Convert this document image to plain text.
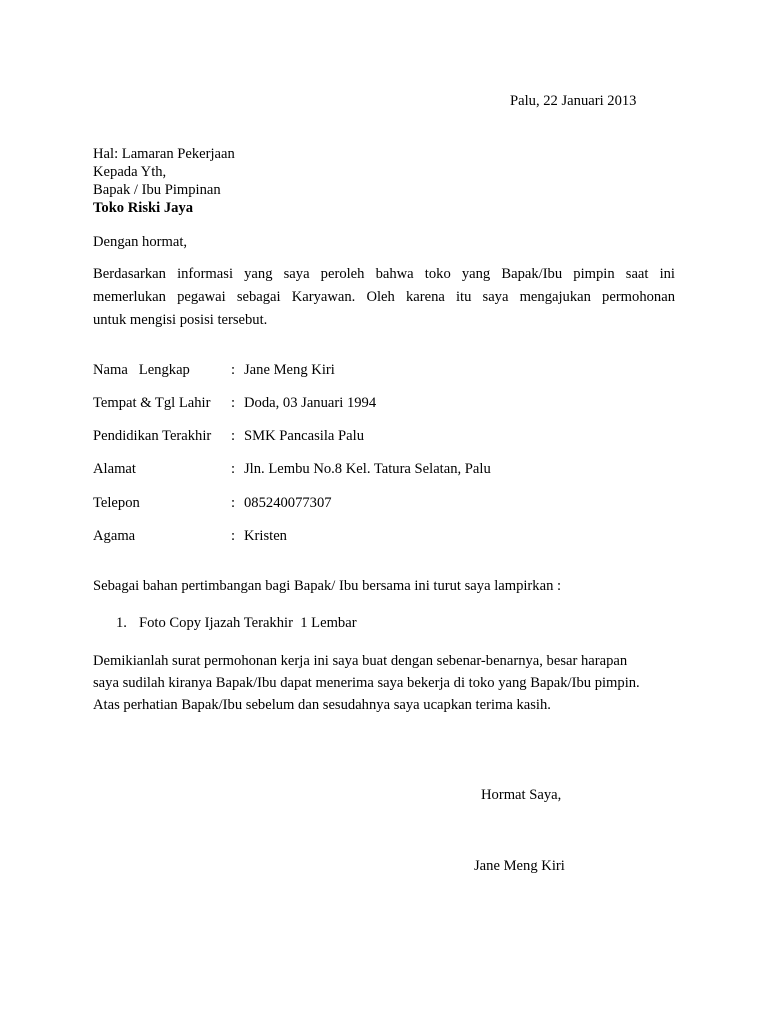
Palu, 22 Januari 2013
Hal: Lamaran Pekerjaan
Kepada Yth,
Bapak / Ibu Pimpinan
Toko Riski Jaya
Dengan hormat,
Berdasarkan informasi yang saya peroleh bahwa toko yang Bapak/Ibu pimpin saat ini
memerlukan pegawai sebagai Karyawan. Oleh karena itu saya mengajukan permohonan
untuk mengisi posisi tersebut.
Nama   Lengkap	: Jane Meng Kiri
Tempat & Tgl Lahir : Doda, 03 Januari 1994
Pendidikan Terakhir : SMK Pancasila Palu
Alamat	: Jln. Lembu No.8 Kel. Tatura Selatan, Palu
Telepon	: 085240077307
Agama	: Kristen
Sebagai bahan pertimbangan bagi Bapak/ Ibu bersama ini turut saya lampirkan :
1. Foto Copy Ijazah Terakhir  1 Lembar
Demikianlah surat permohonan kerja ini saya buat dengan sebenar-benarnya, besar harapan
saya sudilah kiranya Bapak/Ibu dapat menerima saya bekerja di toko yang Bapak/Ibu pimpin.
Atas perhatian Bapak/Ibu sebelum dan sesudahnya saya ucapkan terima kasih.
Hormat Saya,
Jane Meng Kiri
